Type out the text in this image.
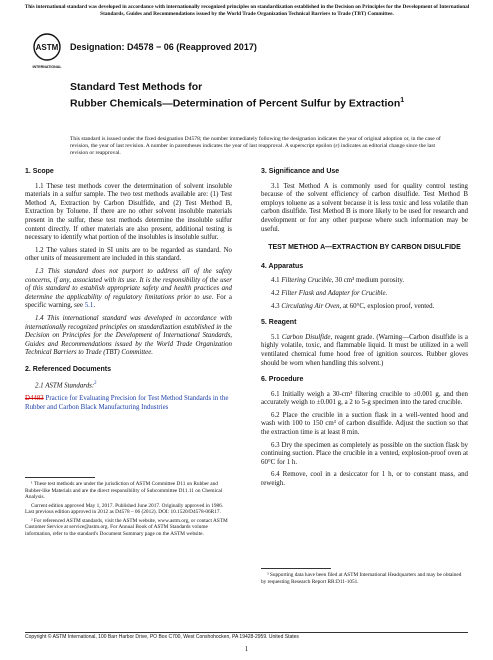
This international standard was developed in accordance with internationally recognized principles on standardization established in the Decision on Principles for the Development of International Standards, Guides and Recommendations issued by the World Trade Organization Technical Barriers to Trade (TBT) Committee.
ASTM
INTERNATIONAL
Designation: D4578 − 06 (Reapproved 2017)
Standard Test Methods for
Rubber Chemicals—Determination of Percent Sulfur by Extraction$^1$
This standard is issued under the fixed designation D4578; the number immediately following the designation indicates the year of original adoption or, in the case of revision, the year of last revision. A number in parentheses indicates the year of last reapproval. A superscript epsilon (ε) indicates an editorial change since the last revision or reapproval.
1. Scope

1.1 These test methods cover the determination of solvent insoluble materials in a sulfur sample. The two test methods available are: (1) Test Method A, Extraction by Carbon Disulfide, and (2) Test Method B, Extraction by Toluene. If there are no other solvent insoluble materials present in the sulfur, these test methods determine the insoluble sulfur content directly. If other materials are also present, additional testing is necessary to identify what portion of the insolubles is insoluble sulfur.

1.2 The values stated in SI units are to be regarded as standard. No other units of measurement are included in this standard.

1.3 This standard does not purport to address all of the safety concerns, if any, associated with its use. It is the responsibility of the user of this standard to establish appropriate safety and health practices and determine the applicability of regulatory limitations prior to use. For a specific warning, see 5.1.

1.4 This international standard was developed in accordance with internationally recognized principles on standardization established in the Decision on Principles for the Development of International Standards, Guides and Recommendations issued by the World Trade Organization Technical Barriers to Trade (TBT) Committee.

2. Referenced Documents

2.1 ASTM Standards:$^2$

D4483 Practice for Evaluating Precision for Test Method Standards in the Rubber and Carbon Black Manufacturing Industries

¹ These test methods are under the jurisdiction of ASTM Committee D11 on Rubber and Rubber-like Materials and are the direct responsibility of Subcommittee D11.11 on Chemical Analysis.

Current edition approved May 1, 2017. Published June 2017. Originally approved in 1986. Last previous edition approved in 2012 as D4578 – 06 (2012). DOI: 10.1520/D4578-06R17.

² For referenced ASTM standards, visit the ASTM website, www.astm.org, or contact ASTM Customer Service at service@astm.org. For Annual Book of ASTM Standards volume information, refer to the standard's Document Summary page on the ASTM website.

3. Significance and Use

3.1 Test Method A is commonly used for quality control testing because of the solvent efficiency of carbon disulfide. Test Method B employs toluene as a solvent because it is less toxic and less volatile than carbon disulfide. Test Method B is more likely to be used for research and development or for any other purpose where such information may be useful.

TEST METHOD A—EXTRACTION BY CARBON DISULFIDE
4. Apparatus

4.1 Filtering Crucible, 30 cm³ medium porosity.

4.2 Filter Flask and Adapter for Crucible.

4.3 Circulating Air Oven, at 60°C, explosion proof, vented.

5. Reagent

5.1 Carbon Disulfide, reagent grade. (Warning—Carbon disulfide is a highly volatile, toxic, and flammable liquid. It must be utilized in a well ventilated chemical fume hood free of ignition sources. Rubber gloves should be worn when handling this solvent.)

6. Procedure

6.1 Initially weigh a 30-cm³ filtering crucible to ±0.001 g, and then accurately weigh to ±0.001 g, a 2 to 5-g specimen into the tared crucible.

6.2 Place the crucible in a suction flask in a well-vented hood and wash with 100 to 150 cm³ of carbon disulfide. Adjust the suction so that the extraction time is at least 8 min.

6.3 Dry the specimen as completely as possible on the suction flask by continuing suction. Place the crucible in a vented, explosion-proof oven at 60°C for 1 h.

6.4 Remove, cool in a desiccator for 1 h, or to constant mass, and reweigh.

³ Supporting data have been filed at ASTM International Headquarters and may be obtained by requesting Research Report RR:D11-1051.

Copyright © ASTM International, 100 Barr Harbor Drive, PO Box C700, West Conshohocken, PA 19428-2959. United States
1
